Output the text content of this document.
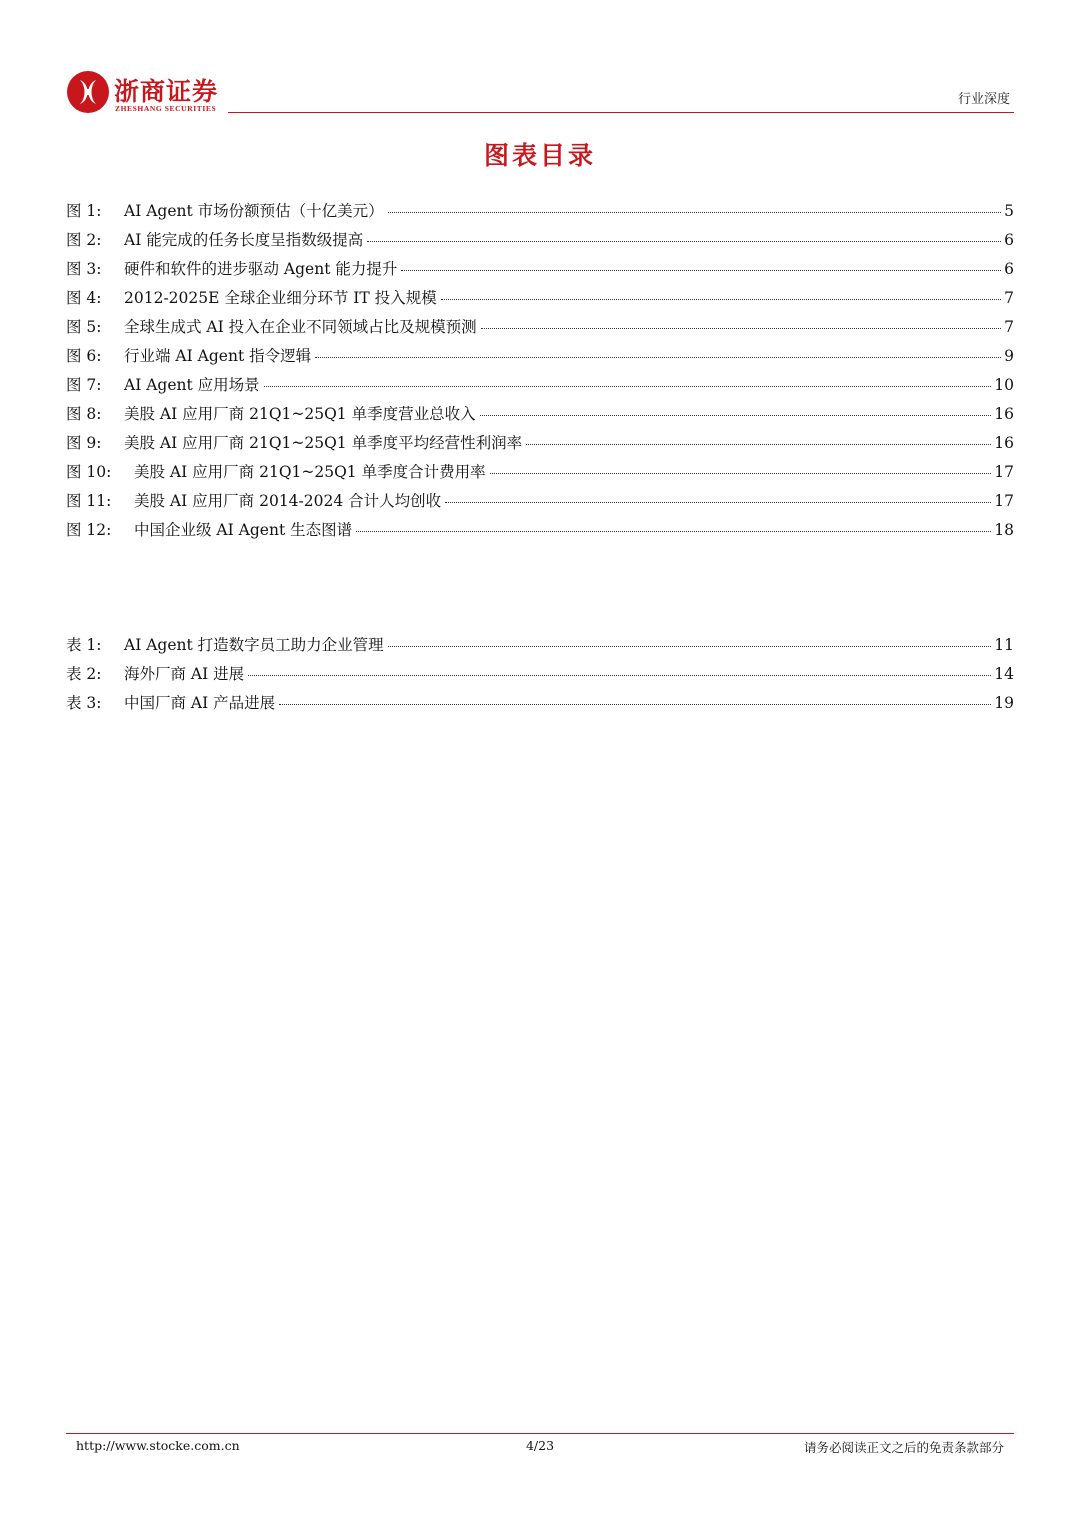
浙商证券
ZHESHANG SECURITIES
行业深度
图表目录
图 1:	AI Agent 市场份额预估（十亿美元）	5
图 2:	AI 能完成的任务长度呈指数级提高	6
图 3:	硬件和软件的进步驱动 Agent 能力提升	6
图 4:	2012-2025E 全球企业细分环节 IT 投入规模	7
图 5:	全球生成式 AI 投入在企业不同领域占比及规模预测	7
图 6:	行业端 AI Agent 指令逻辑	9
图 7:	AI Agent 应用场景	10
图 8:	美股 AI 应用厂商 21Q1~25Q1 单季度营业总收入	16
图 9:	美股 AI 应用厂商 21Q1~25Q1 单季度平均经营性利润率	16
图 10:	美股 AI 应用厂商 21Q1~25Q1 单季度合计费用率	17
图 11:	美股 AI 应用厂商 2014-2024 合计人均创收	17
图 12:	中国企业级 AI Agent 生态图谱	18
表 1:	AI Agent 打造数字员工助力企业管理	11
表 2:	海外厂商 AI 进展	14
表 3:	中国厂商 AI 产品进展	19
http://www.stocke.com.cn	4/23	请务必阅读正文之后的免责条款部分
